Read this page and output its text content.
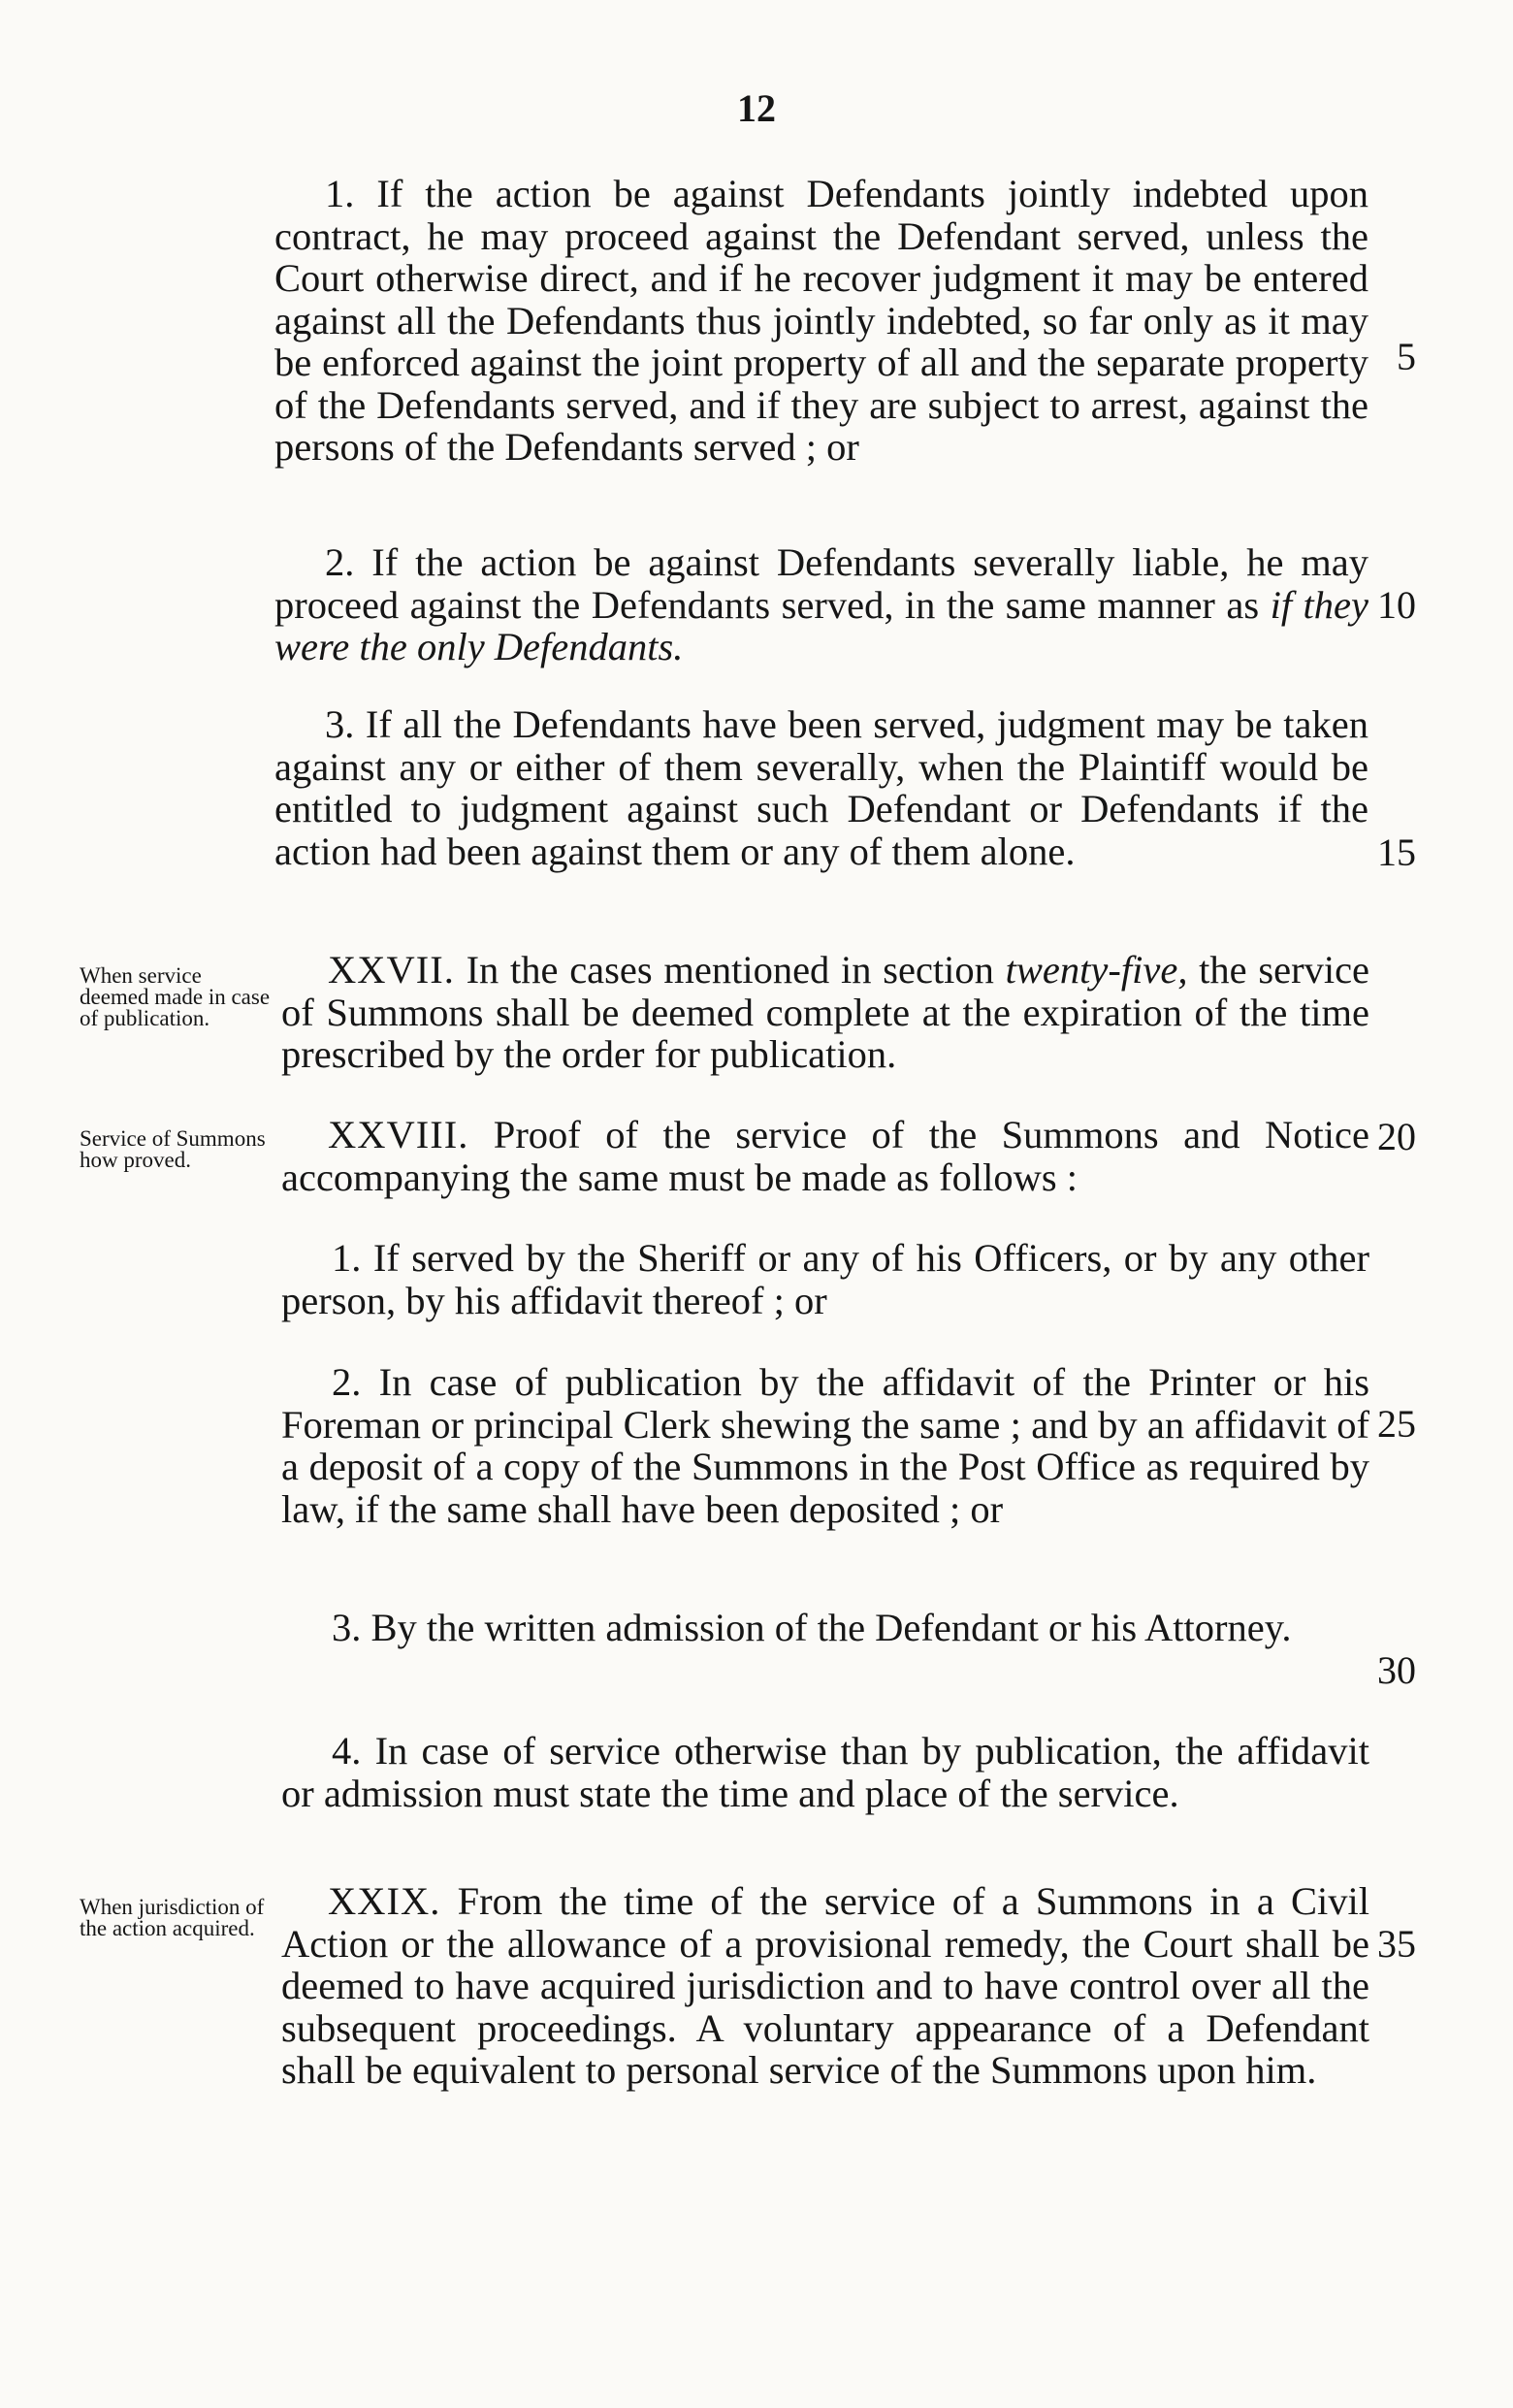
12

1. If the action be against Defendants jointly indebted upon contract, he may proceed against the Defendant served, unless the Court otherwise direct, and if he recover judgment it may be entered against all the Defendants thus jointly indebted, so far only as it may be enforced against the joint property of all and the separate property of the Defendants served, and if they are subject to arrest, against the persons of the Defendants served ; or

2. If the action be against Defendants severally liable, he may proceed against the Defendants served, in the same manner as if they were the only Defendants.

3. If all the Defendants have been served, judgment may be taken against any or either of them severally, when the Plaintiff would be entitled to judgment against such Defendant or Defendants if the action had been against them or any of them alone.

When service deemed made in case of publication.

XXVII. In the cases mentioned in section twenty-five, the service of Summons shall be deemed complete at the expiration of the time prescribed by the order for publication.

Service of Summons how proved.

XXVIII. Proof of the service of the Summons and Notice accompanying the same must be made as follows :

1. If served by the Sheriff or any of his Officers, or by any other person, by his affidavit thereof ; or

2. In case of publication by the affidavit of the Printer or his Foreman or principal Clerk shewing the same ; and by an affidavit of a deposit of a copy of the Summons in the Post Office as required by law, if the same shall have been deposited ; or

3. By the written admission of the Defendant or his Attorney.

4. In case of service otherwise than by publication, the affidavit or admission must state the time and place of the service.

When jurisdiction of the action acquired.

XXIX. From the time of the service of a Summons in a Civil Action or the allowance of a provisional remedy, the Court shall be deemed to have acquired jurisdiction and to have control over all the subsequent proceedings. A voluntary appearance of a Defendant shall be equivalent to personal service of the Summons upon him.

5
10
15
20
25
30
35
